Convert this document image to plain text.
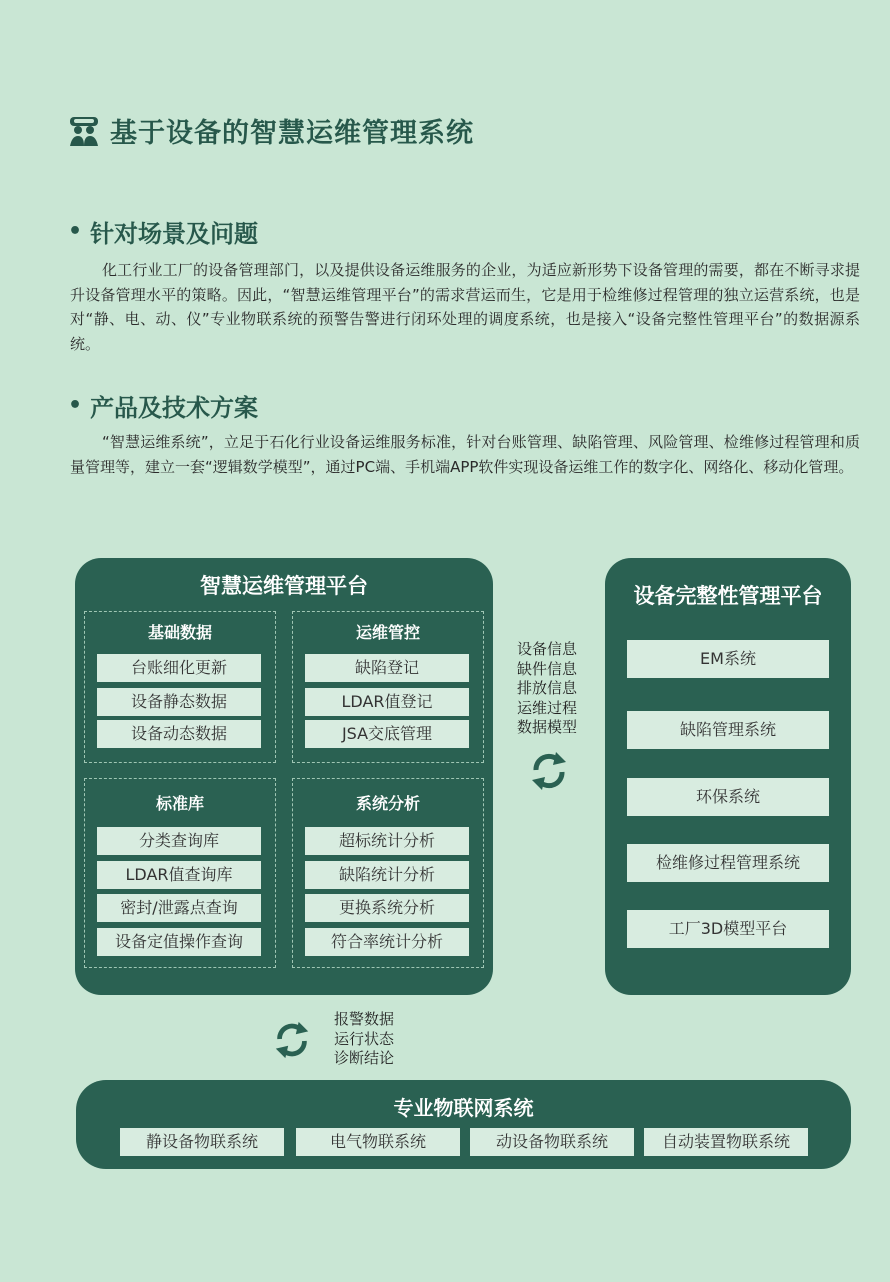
基于设备的智慧运维管理系统
• 针对场景及问题
化工行业工厂的设备管理部门，以及提供设备运维服务的企业，为适应新形势下设备管理的需要，都在不断寻求提升设备管理水平的策略。因此，“智慧运维管理平台”的需求营运而生，它是用于检维修过程管理的独立运营系统，也是对“静、电、动、仪”专业物联系统的预警告警进行闭环处理的调度系统，也是接入“设备完整性管理平台”的数据源系统。
• 产品及技术方案
“智慧运维系统”，立足于石化行业设备运维服务标准，针对台账管理、缺陷管理、风险管理、检维修过程管理和质量管理等，建立一套“逻辑数学模型”，通过PC端、手机端APP软件实现设备运维工作的数字化、网络化、移动化管理。
智慧运维管理平台
基础数据
台账细化更新
设备静态数据
设备动态数据
运维管控
缺陷登记
LDAR值登记
JSA交底管理
标准库
分类查询库
LDAR值查询库
密封/泄露点查询
设备定值操作查询
系统分析
超标统计分析
缺陷统计分析
更换系统分析
符合率统计分析
设备信息
缺件信息
排放信息
运维过程
数据模型
设备完整性管理平台
EM系统
缺陷管理系统
环保系统
检维修过程管理系统
工厂3D模型平台
报警数据
运行状态
诊断结论
专业物联网系统
静设备物联系统	电气物联系统	动设备物联系统	自动装置物联系统
